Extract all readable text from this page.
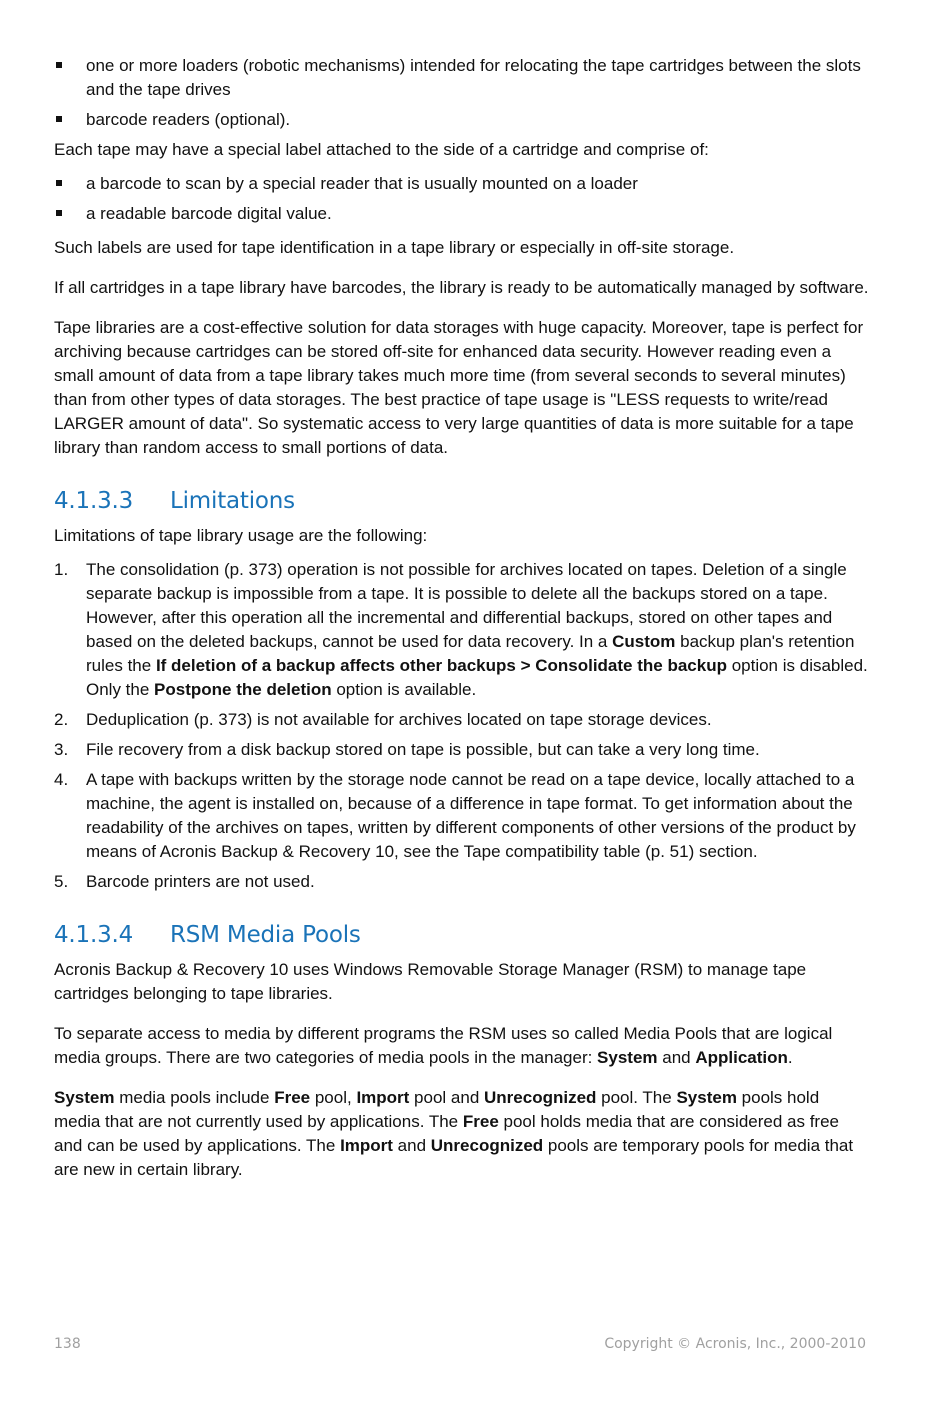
one or more loaders (robotic mechanisms) intended for relocating the tape cartridges between the slots and the tape drives
barcode readers (optional).

Each tape may have a special label attached to the side of a cartridge and comprise of:

a barcode to scan by a special reader that is usually mounted on a loader
a readable barcode digital value.

Such labels are used for tape identification in a tape library or especially in off-site storage.

If all cartridges in a tape library have barcodes, the library is ready to be automatically managed by software.

Tape libraries are a cost-effective solution for data storages with huge capacity. Moreover, tape is perfect for archiving because cartridges can be stored off-site for enhanced data security. However reading even a small amount of data from a tape library takes much more time (from several seconds to several minutes) than from other types of data storages. The best practice of tape usage is "LESS requests to write/read LARGER amount of data". So systematic access to very large quantities of data is more suitable for a tape library than random access to small portions of data.

4.1.3.3 Limitations

Limitations of tape library usage are the following:

1. The consolidation (p. 373) operation is not possible for archives located on tapes. Deletion of a single separate backup is impossible from a tape. It is possible to delete all the backups stored on a tape. However, after this operation all the incremental and differential backups, stored on other tapes and based on the deleted backups, cannot be used for data recovery. In a Custom backup plan's retention rules the If deletion of a backup affects other backups > Consolidate the backup option is disabled. Only the Postpone the deletion option is available.
2. Deduplication (p. 373) is not available for archives located on tape storage devices.
3. File recovery from a disk backup stored on tape is possible, but can take a very long time.
4. A tape with backups written by the storage node cannot be read on a tape device, locally attached to a machine, the agent is installed on, because of a difference in tape format. To get information about the readability of the archives on tapes, written by different components of other versions of the product by means of Acronis Backup & Recovery 10, see the Tape compatibility table (p. 51) section.
5. Barcode printers are not used.
4.1.3.4 RSM Media Pools

Acronis Backup & Recovery 10 uses Windows Removable Storage Manager (RSM) to manage tape cartridges belonging to tape libraries.

To separate access to media by different programs the RSM uses so called Media Pools that are logical media groups. There are two categories of media pools in the manager: System and Application.

System media pools include Free pool, Import pool and Unrecognized pool. The System pools hold media that are not currently used by applications. The Free pool holds media that are considered as free and can be used by applications. The Import and Unrecognized pools are temporary pools for media that are new in certain library.

138	Copyright © Acronis, Inc., 2000-2010
